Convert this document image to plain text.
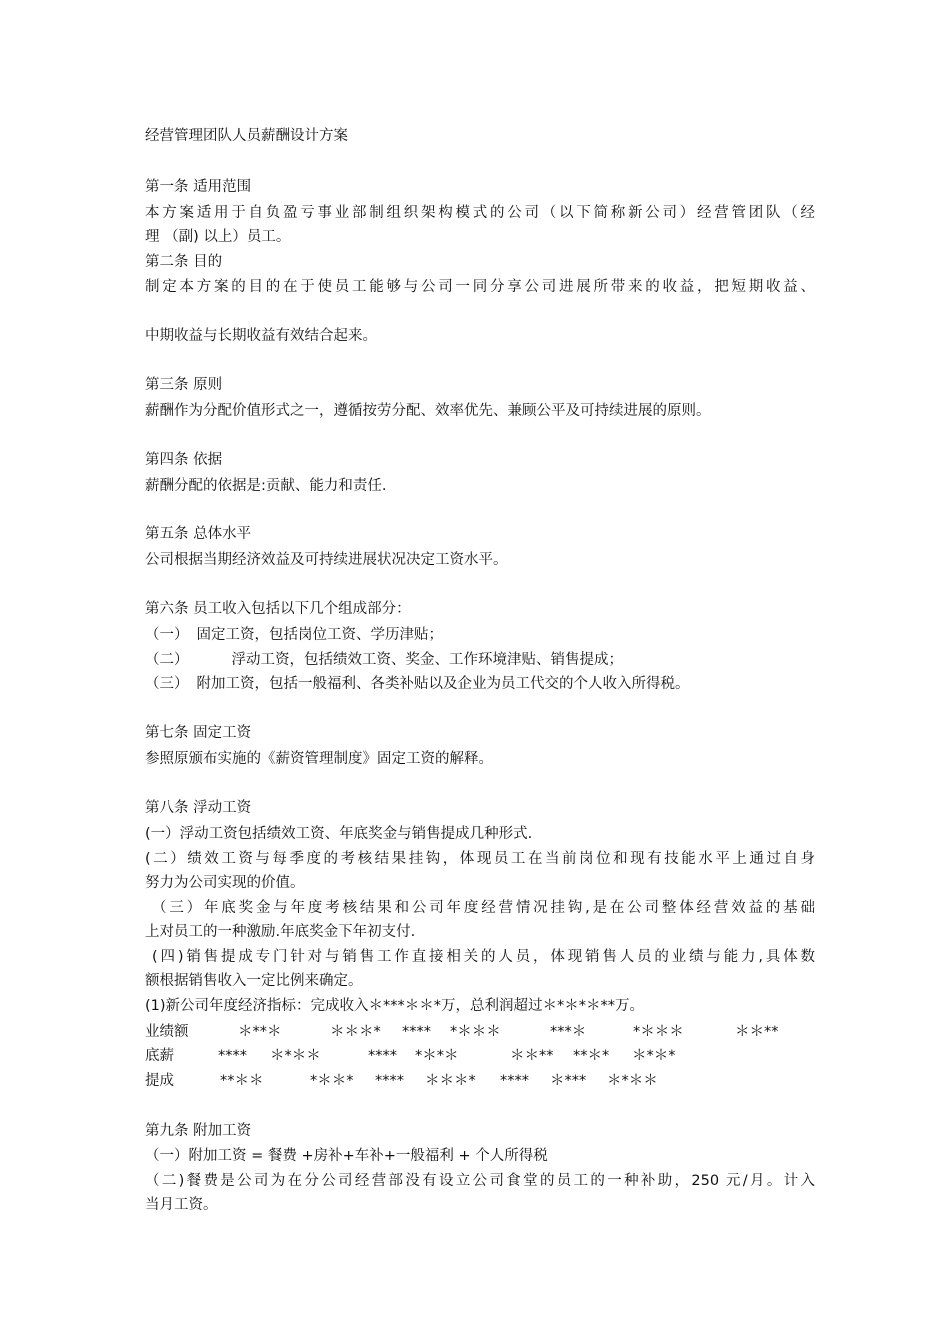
经营管理团队人员薪酬设计方案
第一条 适用范围
本方案适用于自负盈亏事业部制组织架构模式的公司（以下简称新公司）经营管团队（经
理 （副) 以上）员工。
第二条 目的
制定本方案的目的在于使员工能够与公司一同分享公司进展所带来的收益，把短期收益、
中期收益与长期收益有效结合起来。
第三条 原则
薪酬作为分配价值形式之一，遵循按劳分配、效率优先、兼顾公平及可持续进展的原则。
第四条 依据
薪酬分配的依据是:贡献、能力和责任.
第五条 总体水平
公司根据当期经济效益及可持续进展状况决定工资水平。
第六条 员工收入包括以下几个组成部分：
（一） 固定工资，包括岗位工资、学历津贴；
（二）	浮动工资，包括绩效工资、奖金、工作环境津贴、销售提成；
（三） 附加工资，包括一般福利、各类补贴以及企业为员工代交的个人收入所得税。
第七条 固定工资
参照原颁布实施的《薪资管理制度》固定工资的解释。
第八条 浮动工资
(一）浮动工资包括绩效工资、年底奖金与销售提成几种形式.
(二）绩效工资与每季度的考核结果挂钩，体现员工在当前岗位和现有技能水平上通过自身
努力为公司实现的价值。
（三）年底奖金与年度考核结果和公司年度经营情况挂钩,是在公司整体经营效益的基础
上对员工的一种激励.年底奖金下年初支付.
(四)销售提成专门针对与销售工作直接相关的人员，体现销售人员的业绩与能力,具体数
额根据销售收入一定比例来确定。
(1)新公司年度经济指标：完成收入＊***＊＊*万，总利润超过＊*＊*＊**万。
业绩额	＊**＊	＊＊＊* **** *＊＊＊	***＊	*＊＊＊	＊＊**
底薪	**** ＊*＊＊	**** *＊*＊	＊＊** **＊* ＊*＊*
提成	**＊＊	*＊＊* **** ＊＊＊* **** ＊*** ＊*＊＊
第九条 附加工资
（一）附加工资 = 餐费 +房补+车补+一般福利 + 个人所得税
（二)餐费是公司为在分公司经营部没有设立公司食堂的员工的一种补助，250 元/月。计入
当月工资。
